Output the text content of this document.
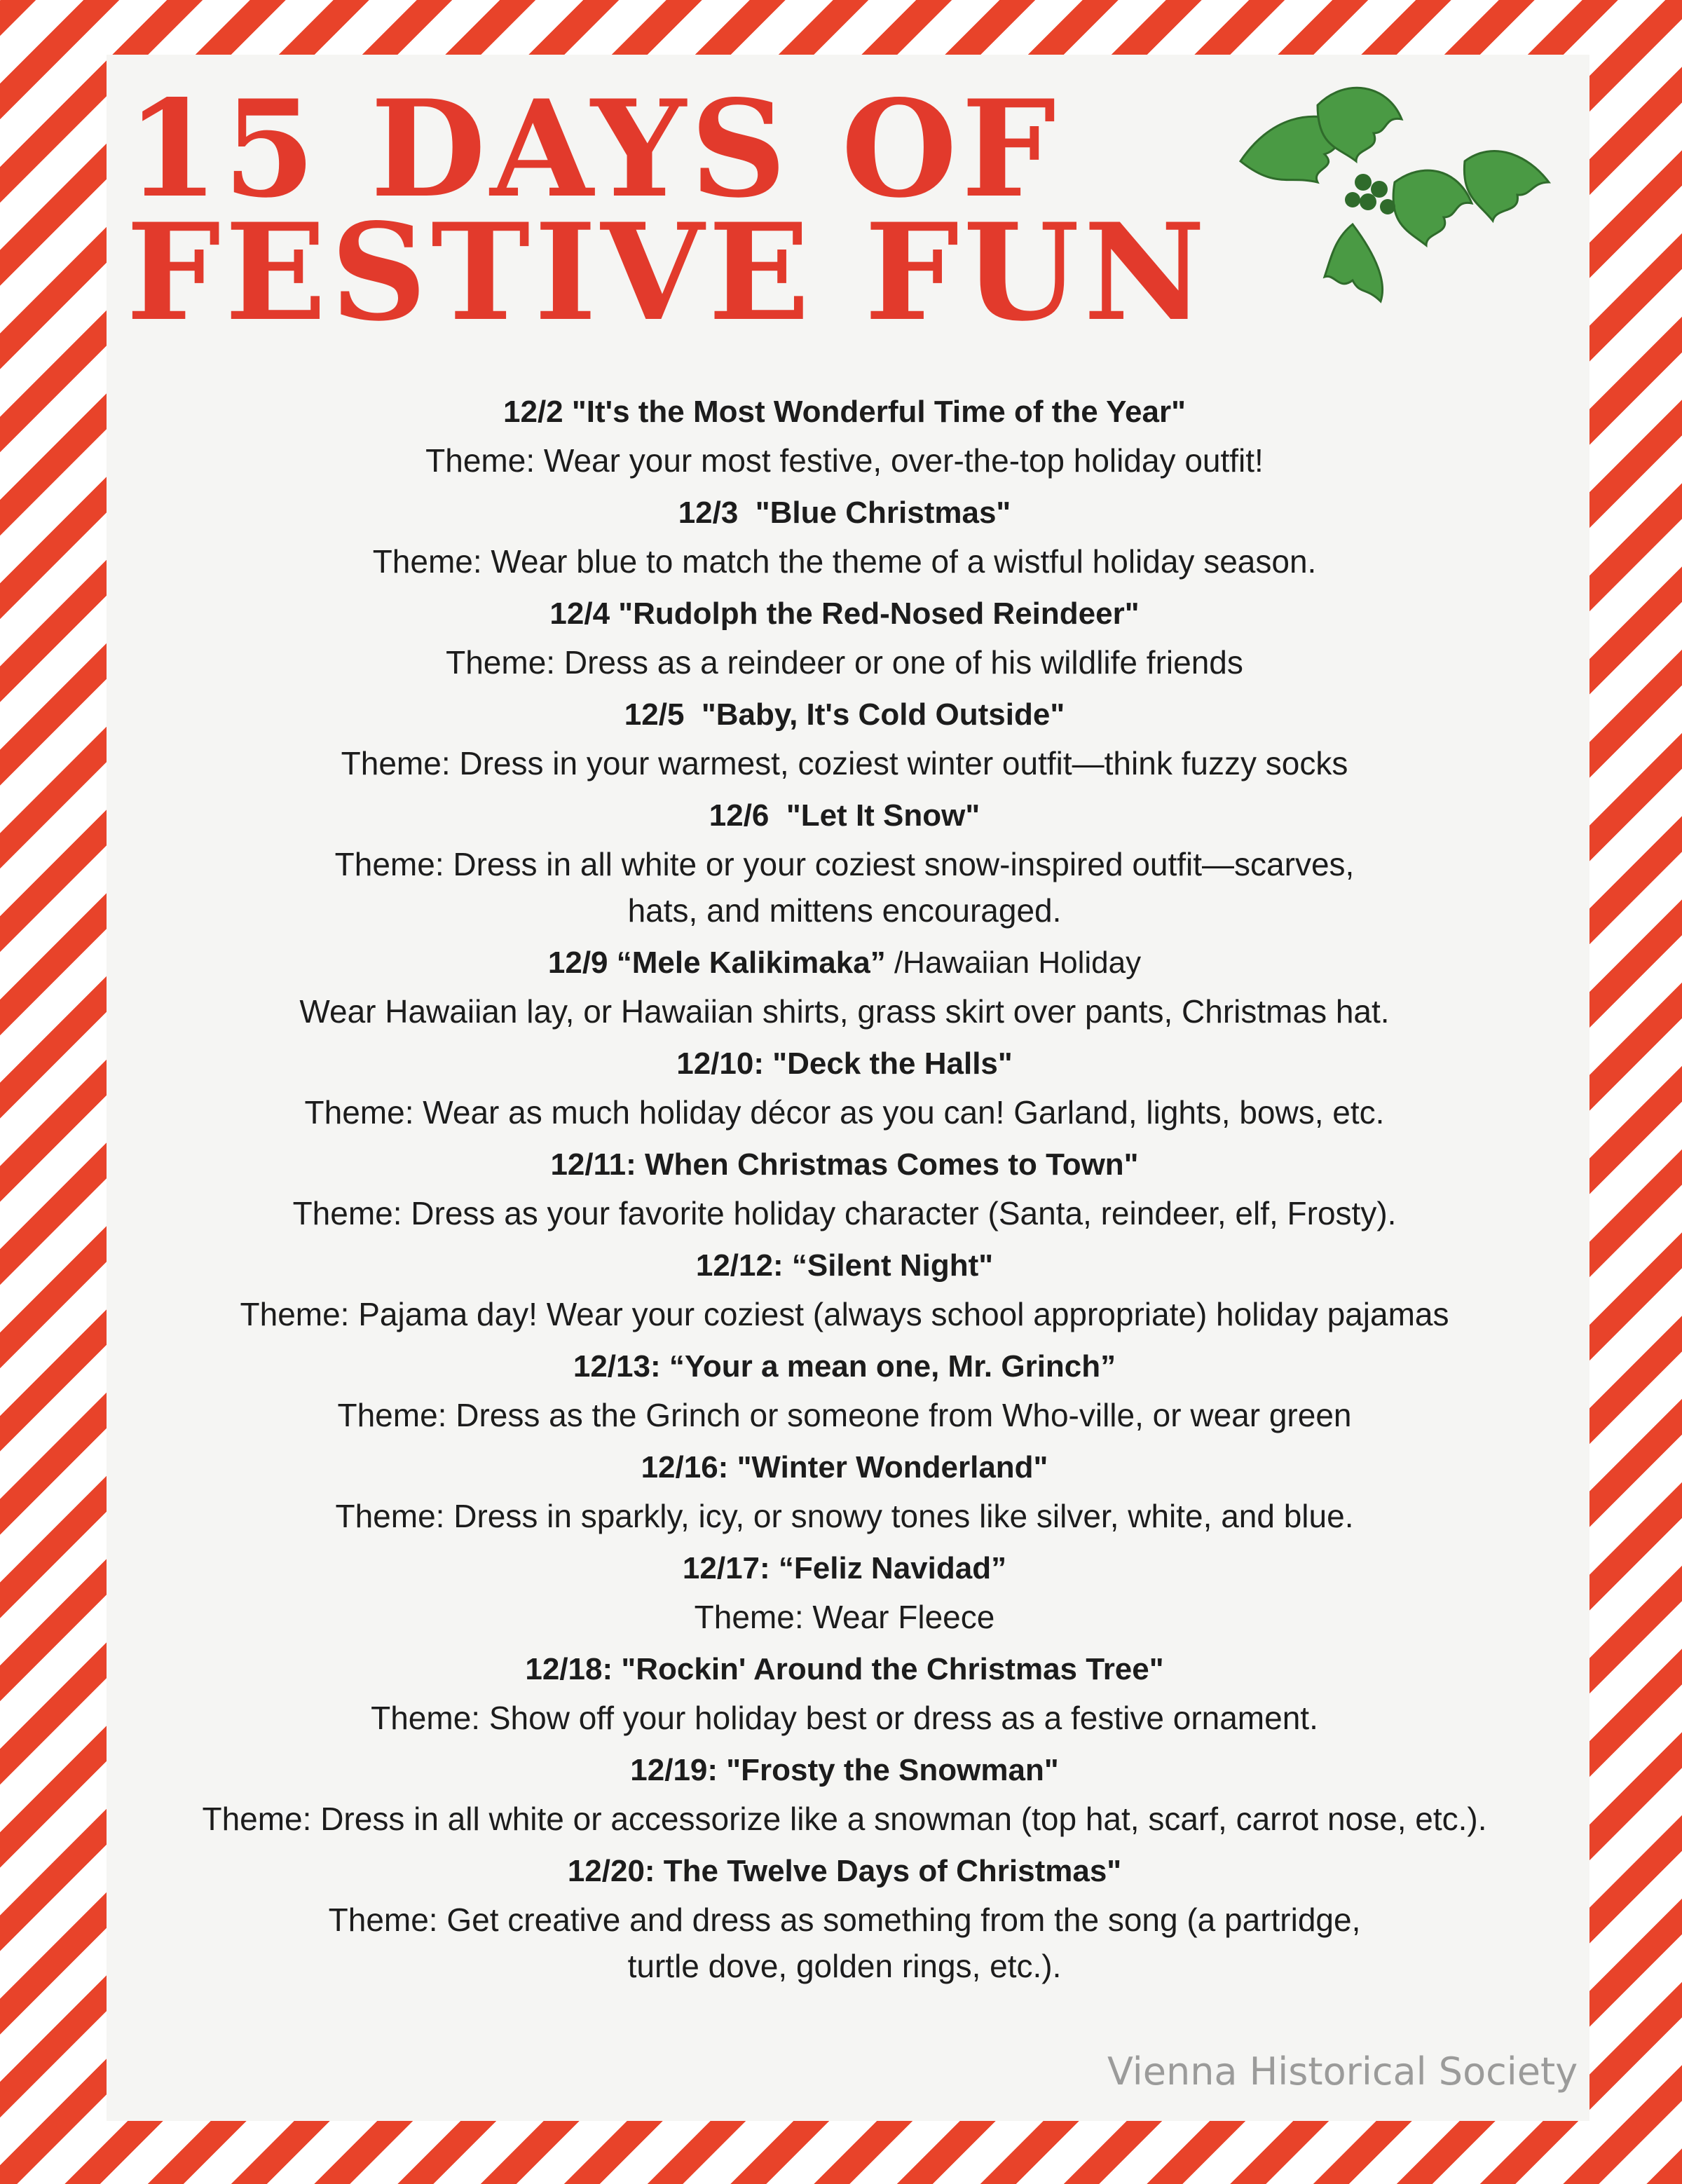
15 DAYS OF
FESTIVE FUN
12/2 "It's the Most Wonderful Time of the Year"
Theme: Wear your most festive, over-the-top holiday outfit!
12/3  "Blue Christmas"
Theme: Wear blue to match the theme of a wistful holiday season.
12/4 "Rudolph the Red-Nosed Reindeer"
Theme: Dress as a reindeer or one of his wildlife friends
12/5  "Baby, It's Cold Outside"
Theme: Dress in your warmest, coziest winter outfit—think fuzzy socks
12/6  "Let It Snow"
Theme: Dress in all white or your coziest snow-inspired outfit—scarves,
hats, and mittens encouraged.
12/9 “Mele Kalikimaka” /Hawaiian Holiday
Wear Hawaiian lay, or Hawaiian shirts, grass skirt over pants, Christmas hat.
12/10: "Deck the Halls"
Theme: Wear as much holiday décor as you can! Garland, lights, bows, etc.
12/11: When Christmas Comes to Town"
Theme: Dress as your favorite holiday character (Santa, reindeer, elf, Frosty).
12/12: “Silent Night"
Theme: Pajama day! Wear your coziest (always school appropriate) holiday pajamas
12/13: “Your a mean one, Mr. Grinch”
Theme: Dress as the Grinch or someone from Who-ville, or wear green
12/16: "Winter Wonderland"
Theme: Dress in sparkly, icy, or snowy tones like silver, white, and blue.
12/17: “Feliz Navidad”
Theme: Wear Fleece
12/18: "Rockin' Around the Christmas Tree"
Theme: Show off your holiday best or dress as a festive ornament.
12/19: "Frosty the Snowman"
Theme: Dress in all white or accessorize like a snowman (top hat, scarf, carrot nose, etc.).
12/20: The Twelve Days of Christmas"
Theme: Get creative and dress as something from the song (a partridge,
turtle dove, golden rings, etc.).
Vienna Historical Society
